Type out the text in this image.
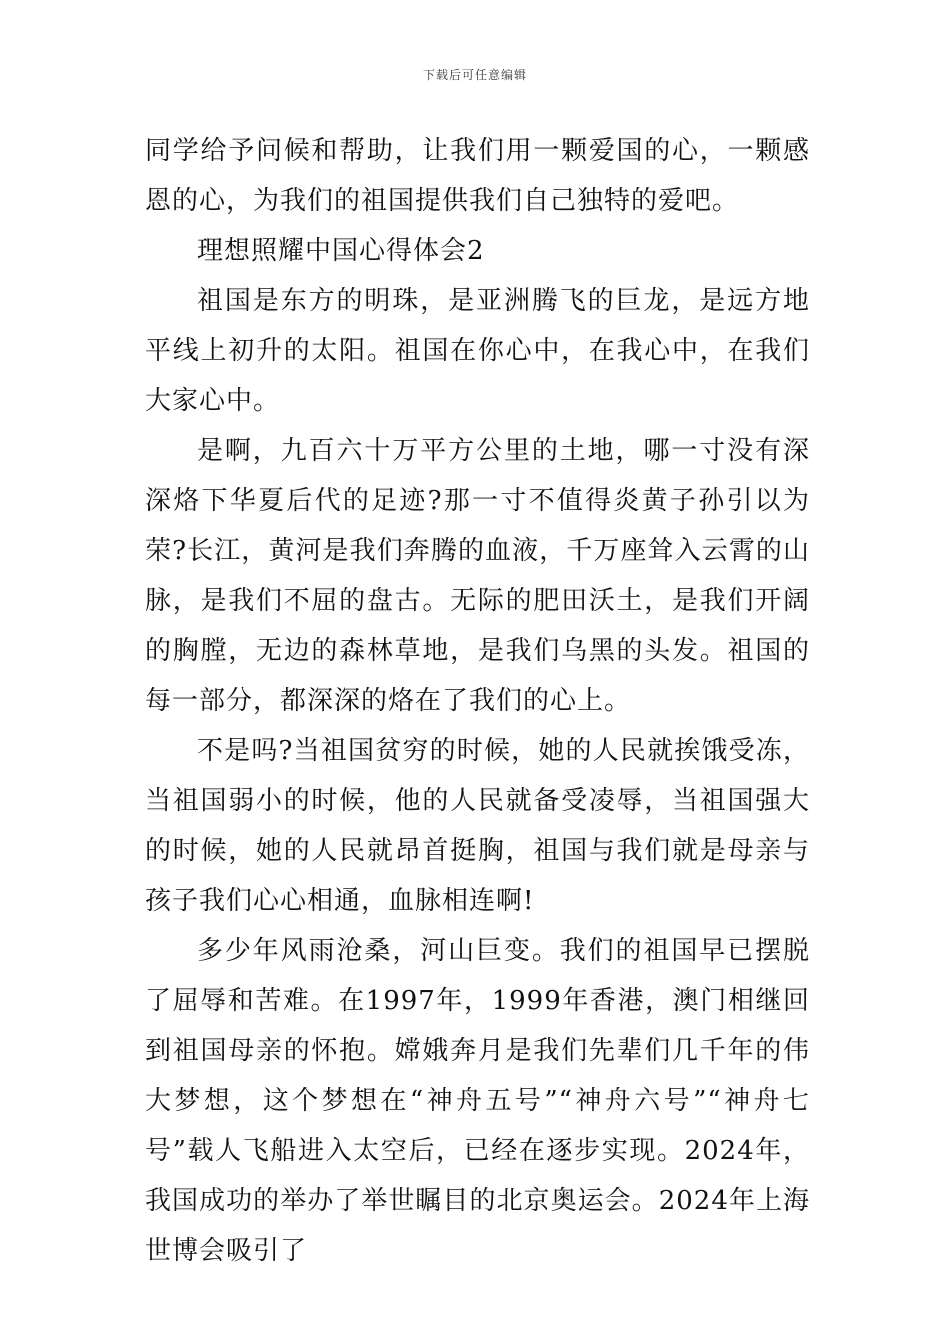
下载后可任意编辑

同学给予问候和帮助，让我们用一颗爱国的心，一颗感恩的心，为我们的祖国提供我们自己独特的爱吧。

理想照耀中国心得体会2

祖国是东方的明珠，是亚洲腾飞的巨龙，是远方地平线上初升的太阳。祖国在你心中，在我心中，在我们大家心中。

是啊，九百六十万平方公里的土地，哪一寸没有深深烙下华夏后代的足迹?那一寸不值得炎黄子孙引以为荣?长江，黄河是我们奔腾的血液，千万座耸入云霄的山脉，是我们不屈的盘古。无际的肥田沃土，是我们开阔的胸膛，无边的森林草地，是我们乌黑的头发。祖国的每一部分，都深深的烙在了我们的心上。

不是吗?当祖国贫穷的时候，她的人民就挨饿受冻，当祖国弱小的时候，他的人民就备受凌辱，当祖国强大的时候，她的人民就昂首挺胸，祖国与我们就是母亲与孩子我们心心相通，血脉相连啊!

多少年风雨沧桑，河山巨变。我们的祖国早已摆脱了屈辱和苦难。在1997年，1999年香港，澳门相继回到祖国母亲的怀抱。嫦娥奔月是我们先辈们几千年的伟大梦想，这个梦想在“神舟五号”“神舟六号”“神舟七号”载人飞船进入太空后，已经在逐步实现。2024年，我国成功的举办了举世瞩目的北京奥运会。2024年上海世博会吸引了
